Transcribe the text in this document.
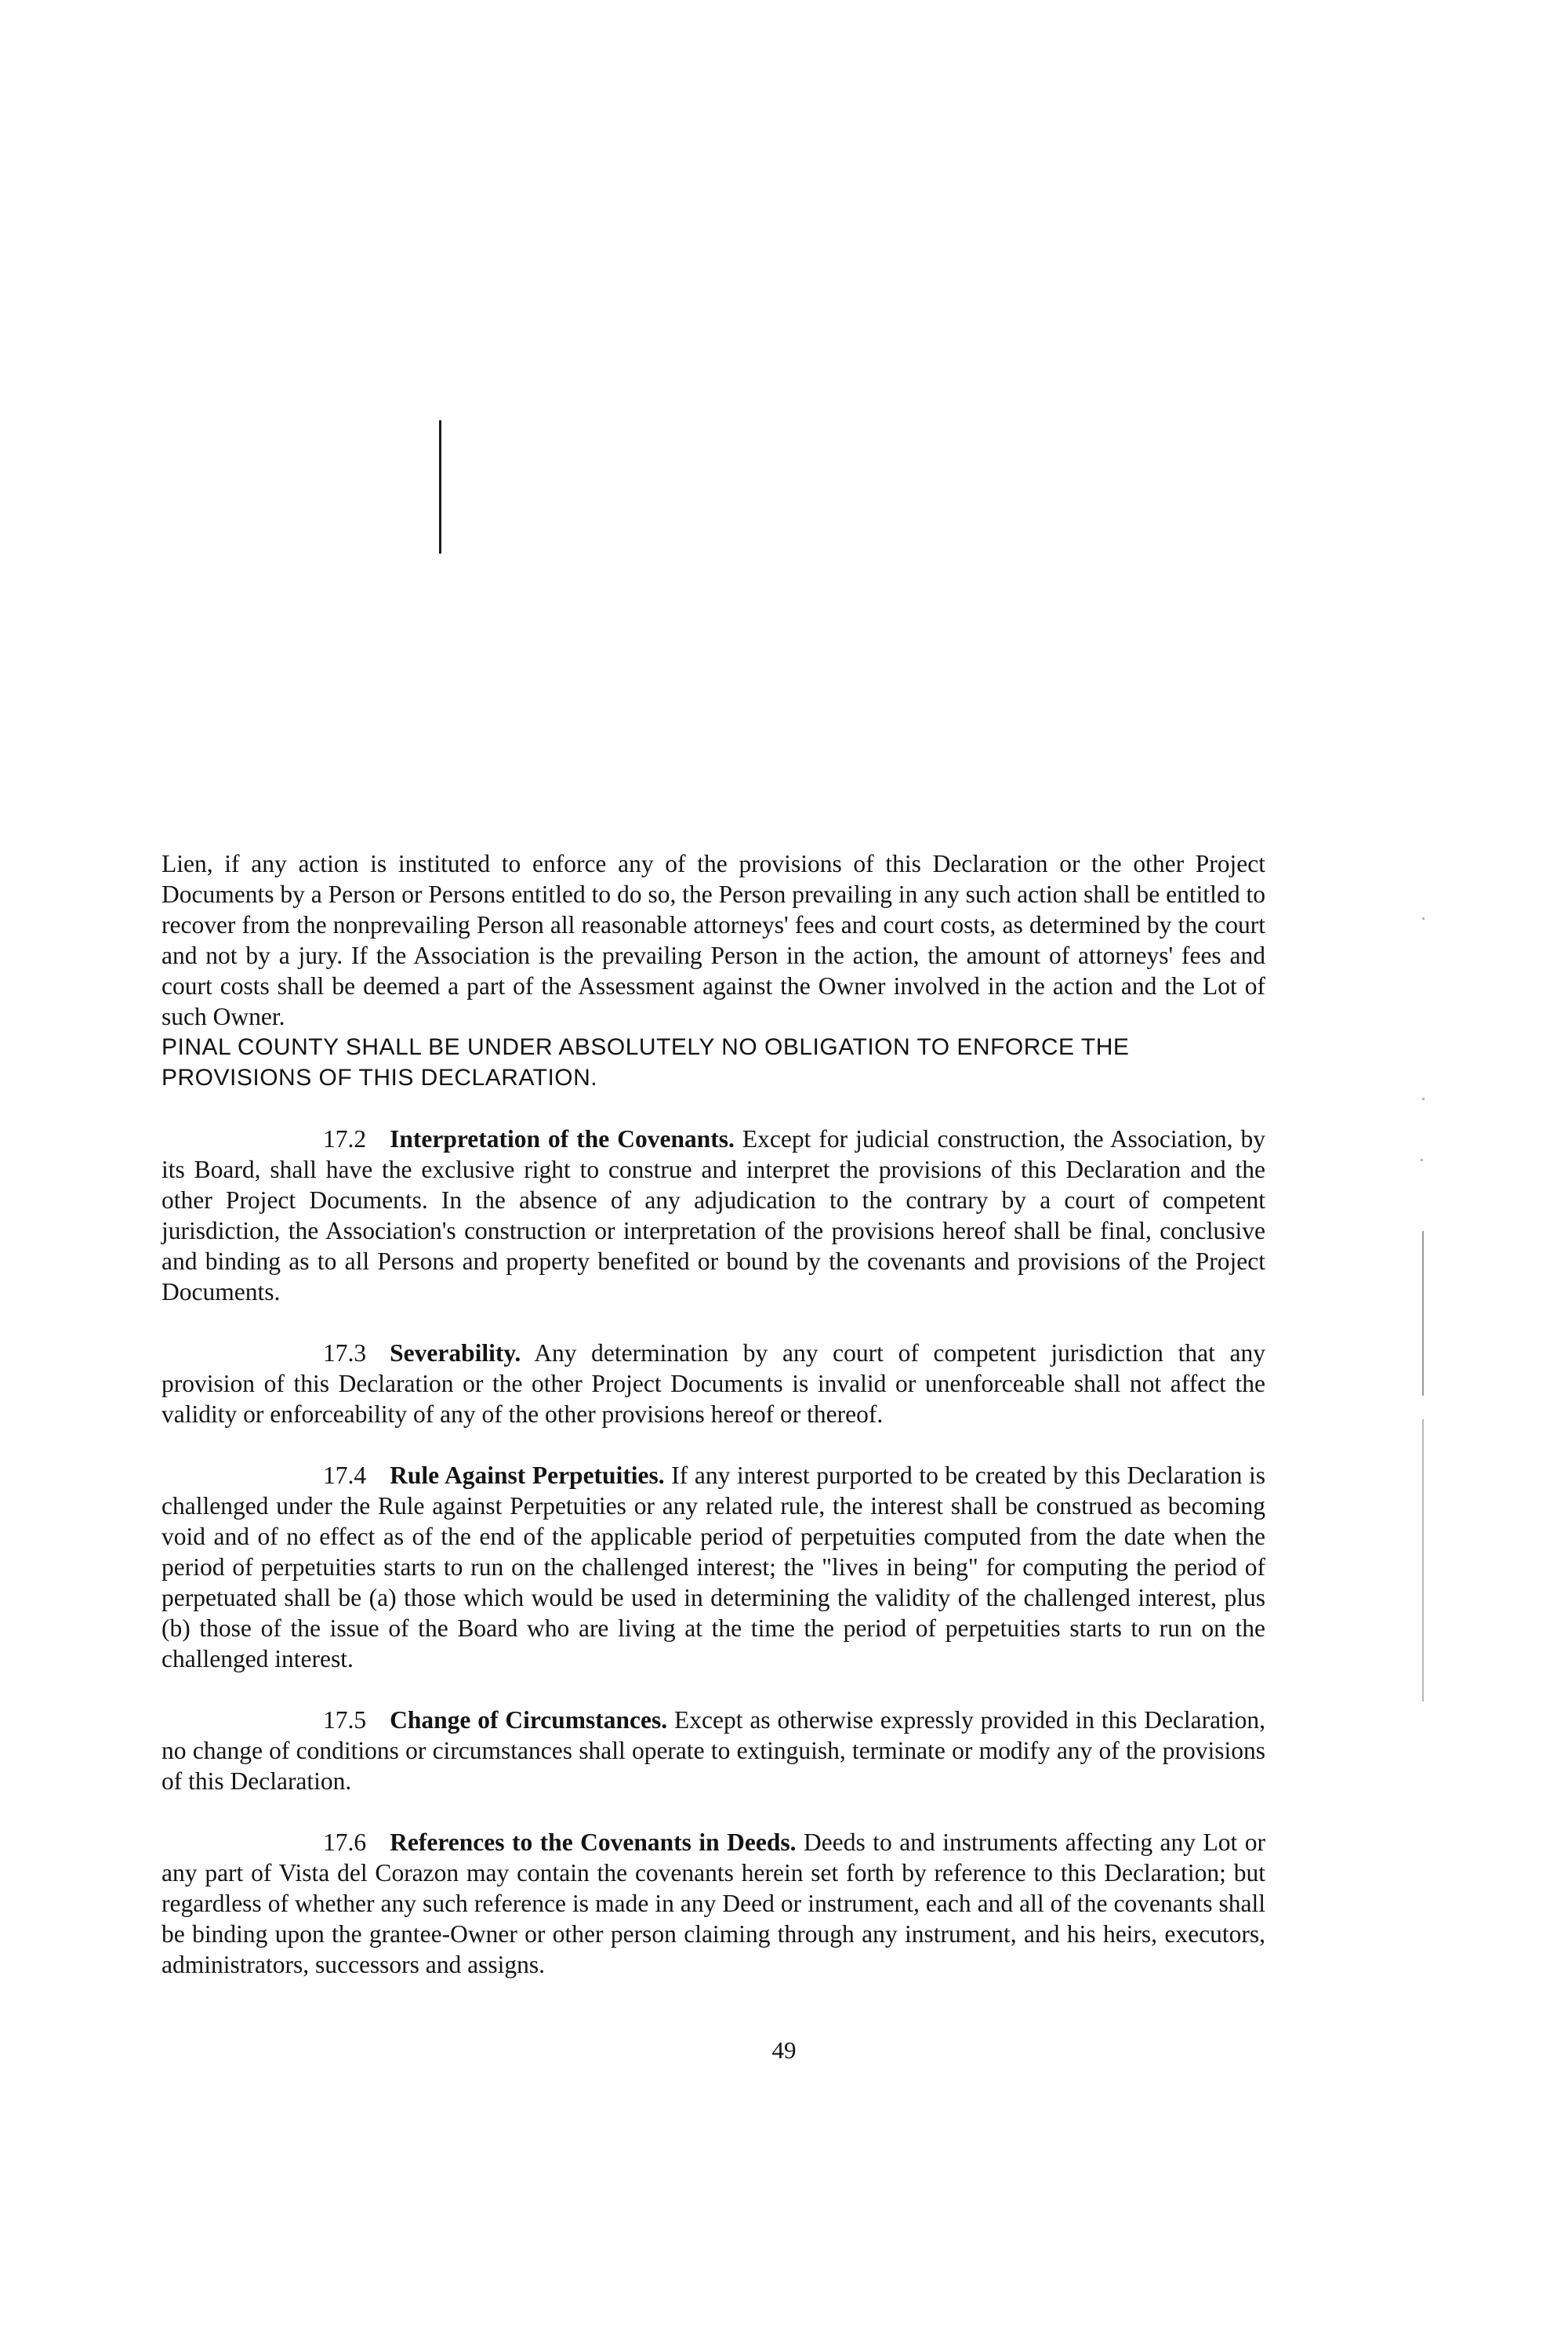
Lien, if any action is instituted to enforce any of the provisions of this Declaration or the other Project Documents by a Person or Persons entitled to do so, the Person prevailing in any such action shall be entitled to recover from the nonprevailing Person all reasonable attorneys' fees and court costs, as determined by the court and not by a jury. If the Association is the prevailing Person in the action, the amount of attorneys' fees and court costs shall be deemed a part of the Assessment against the Owner involved in the action and the Lot of such Owner.
PINAL COUNTY SHALL BE UNDER ABSOLUTELY NO OBLIGATION TO ENFORCE THE PROVISIONS OF THIS DECLARATION.

17.2 Interpretation of the Covenants. Except for judicial construction, the Association, by its Board, shall have the exclusive right to construe and interpret the provisions of this Declaration and the other Project Documents. In the absence of any adjudication to the contrary by a court of competent jurisdiction, the Association's construction or interpretation of the provisions hereof shall be final, conclusive and binding as to all Persons and property benefited or bound by the covenants and provisions of the Project Documents.

17.3 Severability. Any determination by any court of competent jurisdiction that any provision of this Declaration or the other Project Documents is invalid or unenforceable shall not affect the validity or enforceability of any of the other provisions hereof or thereof.

17.4 Rule Against Perpetuities. If any interest purported to be created by this Declaration is challenged under the Rule against Perpetuities or any related rule, the interest shall be construed as becoming void and of no effect as of the end of the applicable period of perpetuities computed from the date when the period of perpetuities starts to run on the challenged interest; the "lives in being" for computing the period of perpetuated shall be (a) those which would be used in determining the validity of the challenged interest, plus (b) those of the issue of the Board who are living at the time the period of perpetuities starts to run on the challenged interest.

17.5 Change of Circumstances. Except as otherwise expressly provided in this Declaration, no change of conditions or circumstances shall operate to extinguish, terminate or modify any of the provisions of this Declaration.

17.6 References to the Covenants in Deeds. Deeds to and instruments affecting any Lot or any part of Vista del Corazon may contain the covenants herein set forth by reference to this Declaration; but regardless of whether any such reference is made in any Deed or instrument, each and all of the covenants shall be binding upon the grantee-Owner or other person claiming through any instrument, and his heirs, executors, administrators, successors and assigns.

49
